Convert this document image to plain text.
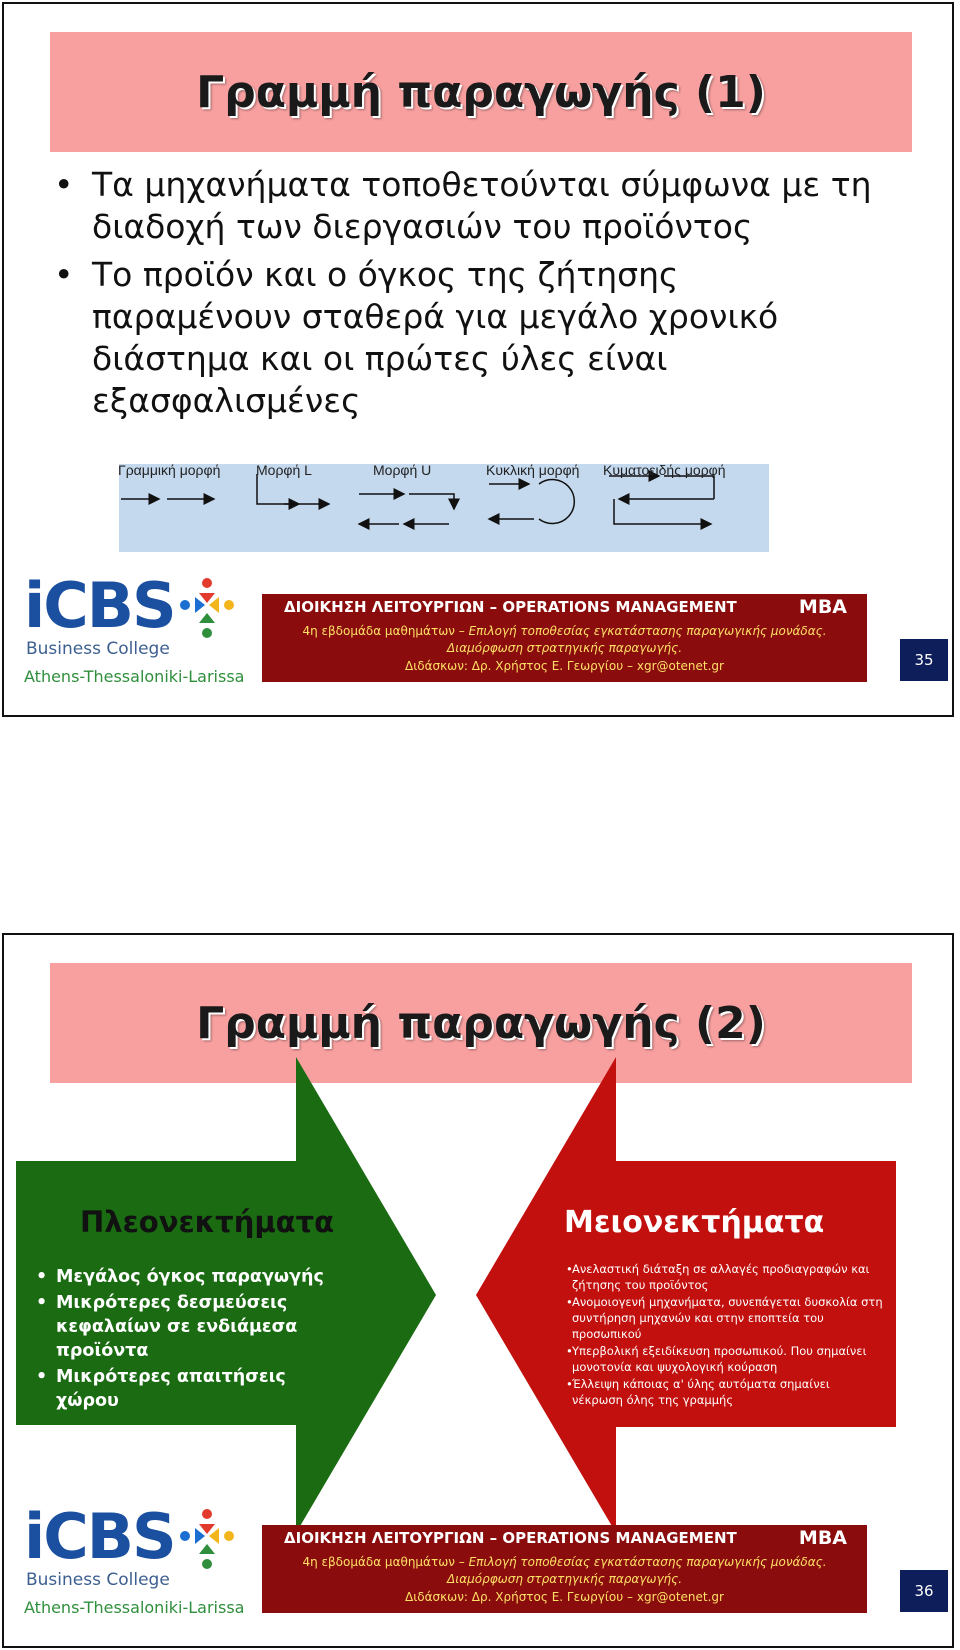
Γραμμή παραγωγής (1)
• Τα μηχανήματα τοποθετούνται σύμφωνα με τη διαδοχή των διεργασιών του προϊόντος
• Το προϊόν και ο όγκος της ζήτησης παραμένουν σταθερά για μεγάλο χρονικό διάστημα και οι πρώτες ύλες είναι εξασφαλισμένες
Γραμμική μορφή	Μορφή L	Μορφή U	Κυκλική μορφή Κυματοειδής μορφή
iCBS
Business College
Athens-Thessaloniki-Larissa
ΔΙΟΙΚΗΣΗ ΛΕΙΤΟΥΡΓΙΩΝ – OPERATIONS MANAGEMENT	MBA
4η εβδομάδα μαθημάτων – Επιλογή τοποθεσίας εγκατάστασης παραγωγικής μονάδας.
Διαμόρφωση στρατηγικής παραγωγής.
Διδάσκων: Δρ. Χρήστος Ε. Γεωργίου – xgr@otenet.gr	35
Γραμμή παραγωγής (2)
Πλεονεκτήματα
• Μεγάλος όγκος παραγωγής
• Μικρότερες δεσμεύσεις κεφαλαίων σε ενδιάμεσα προϊόντα
• Μικρότερες απαιτήσεις χώρου
Μειονεκτήματα
• Ανελαστική διάταξη σε αλλαγές προδιαγραφών και ζήτησης του προϊόντος
• Ανομοιογενή μηχανήματα, συνεπάγεται δυσκολία στη συντήρηση μηχανών και στην εποπτεία του προσωπικού
• Υπερβολική εξειδίκευση προσωπικού. Που σημαίνει μονοτονία και ψυχολογική κούραση
• Έλλειψη κάποιας α' ύλης αυτόματα σημαίνει νέκρωση όλης της γραμμής
iCBS
Business College
Athens-Thessaloniki-Larissa
ΔΙΟΙΚΗΣΗ ΛΕΙΤΟΥΡΓΙΩΝ – OPERATIONS MANAGEMENT	MBA
4η εβδομάδα μαθημάτων – Επιλογή τοποθεσίας εγκατάστασης παραγωγικής μονάδας.
Διαμόρφωση στρατηγικής παραγωγής.
Διδάσκων: Δρ. Χρήστος Ε. Γεωργίου – xgr@otenet.gr	36
